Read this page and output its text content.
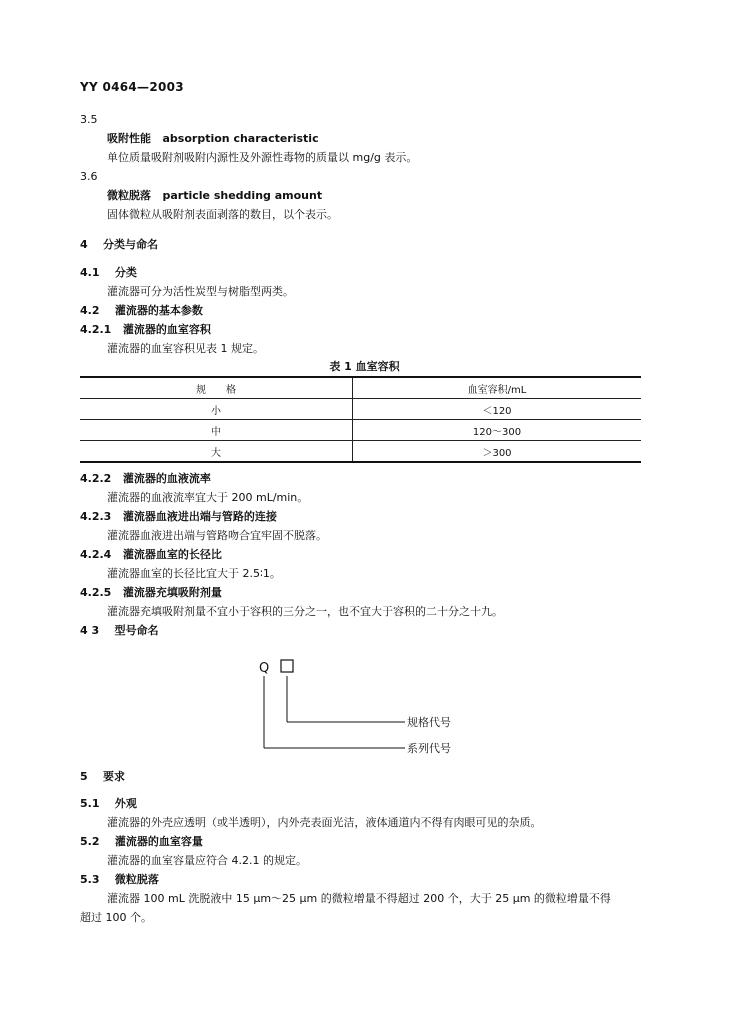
YY 0464—2003
3.5
吸附性能 absorption characteristic
单位质量吸附剂吸附内源性及外源性毒物的质量以 mg/g 表示。
3.6
微粒脱落 particle shedding amount
固体微粒从吸附剂表面剥落的数目，以个表示。
4 分类与命名
4.1 分类
灌流器可分为活性炭型与树脂型两类。
4.2 灌流器的基本参数
4.2.1 灌流器的血室容积
灌流器的血室容积见表 1 规定。
表 1 血室容积
规　　格	血室容积/mL
小	＜120
中	120～300
大	＞300
4.2.2 灌流器的血液流率
灌流器的血液流率宜大于 200 mL/min。
4.2.3 灌流器血液进出端与管路的连接
灌流器血液进出端与管路吻合宜牢固不脱落。
4.2.4 灌流器血室的长径比
灌流器血室的长径比宜大于 2.5∶1。
4.2.5 灌流器充填吸附剂量
灌流器充填吸附剂量不宜小于容积的三分之一，也不宜大于容积的二十分之十九。
4 3 型号命名
Q
规格代号
系列代号
5 要求
5.1 外观
灌流器的外壳应透明（或半透明），内外壳表面光洁，液体通道内不得有肉眼可见的杂质。
5.2 灌流器的血室容量
灌流器的血室容量应符合 4.2.1 的规定。
5.3 微粒脱落
灌流器 100 mL 洗脱液中 15 μm～25 μm 的微粒增量不得超过 200 个，大于 25 μm 的微粒增量不得
超过 100 个。
